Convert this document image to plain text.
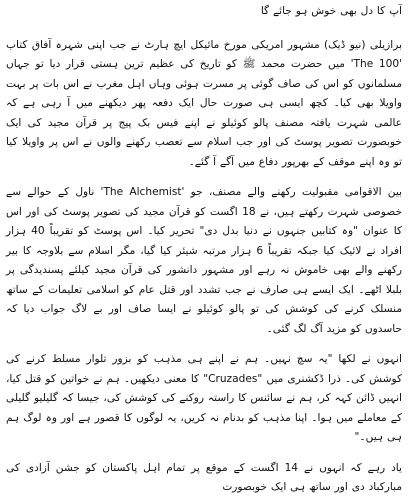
آپ کا دل بھی خوش ہو جائے گا

برازیلی (نیو ڈیک) مشہور امریکی مورخ مائیکل ایچ ہارٹ نے جب اپنی شہرہ آفاق کتاب 'The 100' میں حضرت محمد ﷺ کو تاریخ کی عظیم ترین ہستی قرار دیا تو جہاں مسلمانوں کو اس کی صاف گوئی پر مسرت ہوئی وہاں اہل مغرب نے اس بات پر بہت واویلا بھی کیا۔ کچھ ایسی ہی صورت حال ایک دفعہ پھر دیکھنے میں آ رہی ہے کہ عالمی شہرت یافتہ مصنف پالو کوئیلو نے اپنے فیس بک پیج پر قرآن مجید کی ایک خوبصورت تصویر پوسٹ کی اور جب اسلام سے تعصب رکھنے والوں نے اس پر واویلا کیا تو وہ اپنے موقف کے بھرپور دفاع میں آگے آ گئے۔

بین الاقوامی مقبولیت رکھنے والے مصنف، جو 'The Alchemist' ناول کے حوالے سے خصوصی شہرت رکھتے ہیں، نے 18 اگست کو قرآن مجید کی تصویر پوسٹ کی اور اس کا عنوان "وہ کتابیں جنہوں نے دنیا بدل دی" تحریر کیا۔ اس پوسٹ کو تقریباً 40 ہزار افراد نے لائیک کیا جبکہ تقریباً 6 ہزار مرتبہ شیئر کیا گیا، مگر اسلام سے بلاوجہ کا بیر رکھنے والے بھی خاموش نہ رہے اور مشہور دانشور کی قرآن مجید کیلئے پسندیدگی پر بلبلا اٹھے۔ ایک ایسے ہی صارف نے جب تشدد اور قتل عام کو اسلامی تعلیمات کے ساتھ منسلک کرنے کی کوشش کی تو پالو کوئیلو نے ایسا صاف اور بے لاگ جواب دیا کہ حاسدوں کو مزید آگ لگ گئی۔

انہوں نے لکھا "یہ سچ نہیں۔ ہم نے اپنے ہی مذہب کو بزور تلوار مسلط کرنے کی کوشش کی۔ ذرا ڈکشنری میں "Cruzades" کا معنی دیکھیں۔ ہم نے خواتین کو قتل کیا، انہیں ڈائن کہہ کر، ہم نے سائنس کا راستہ روکنے کی کوشش کی، جیسا کہ گلیلیو گلیلی کے معاملے میں ہوا۔ اپنا مذہب کو بدنام نہ کریں، یہ لوگوں کا قصور ہے اور وہ لوگ ہم ہی ہیں۔"

یاد رہے کہ انہوں نے 14 اگست کے موقع پر تمام اہل پاکستان کو جشن آزادی کی مبارکباد دی اور ساتھ ہی ایک خوبصورت
